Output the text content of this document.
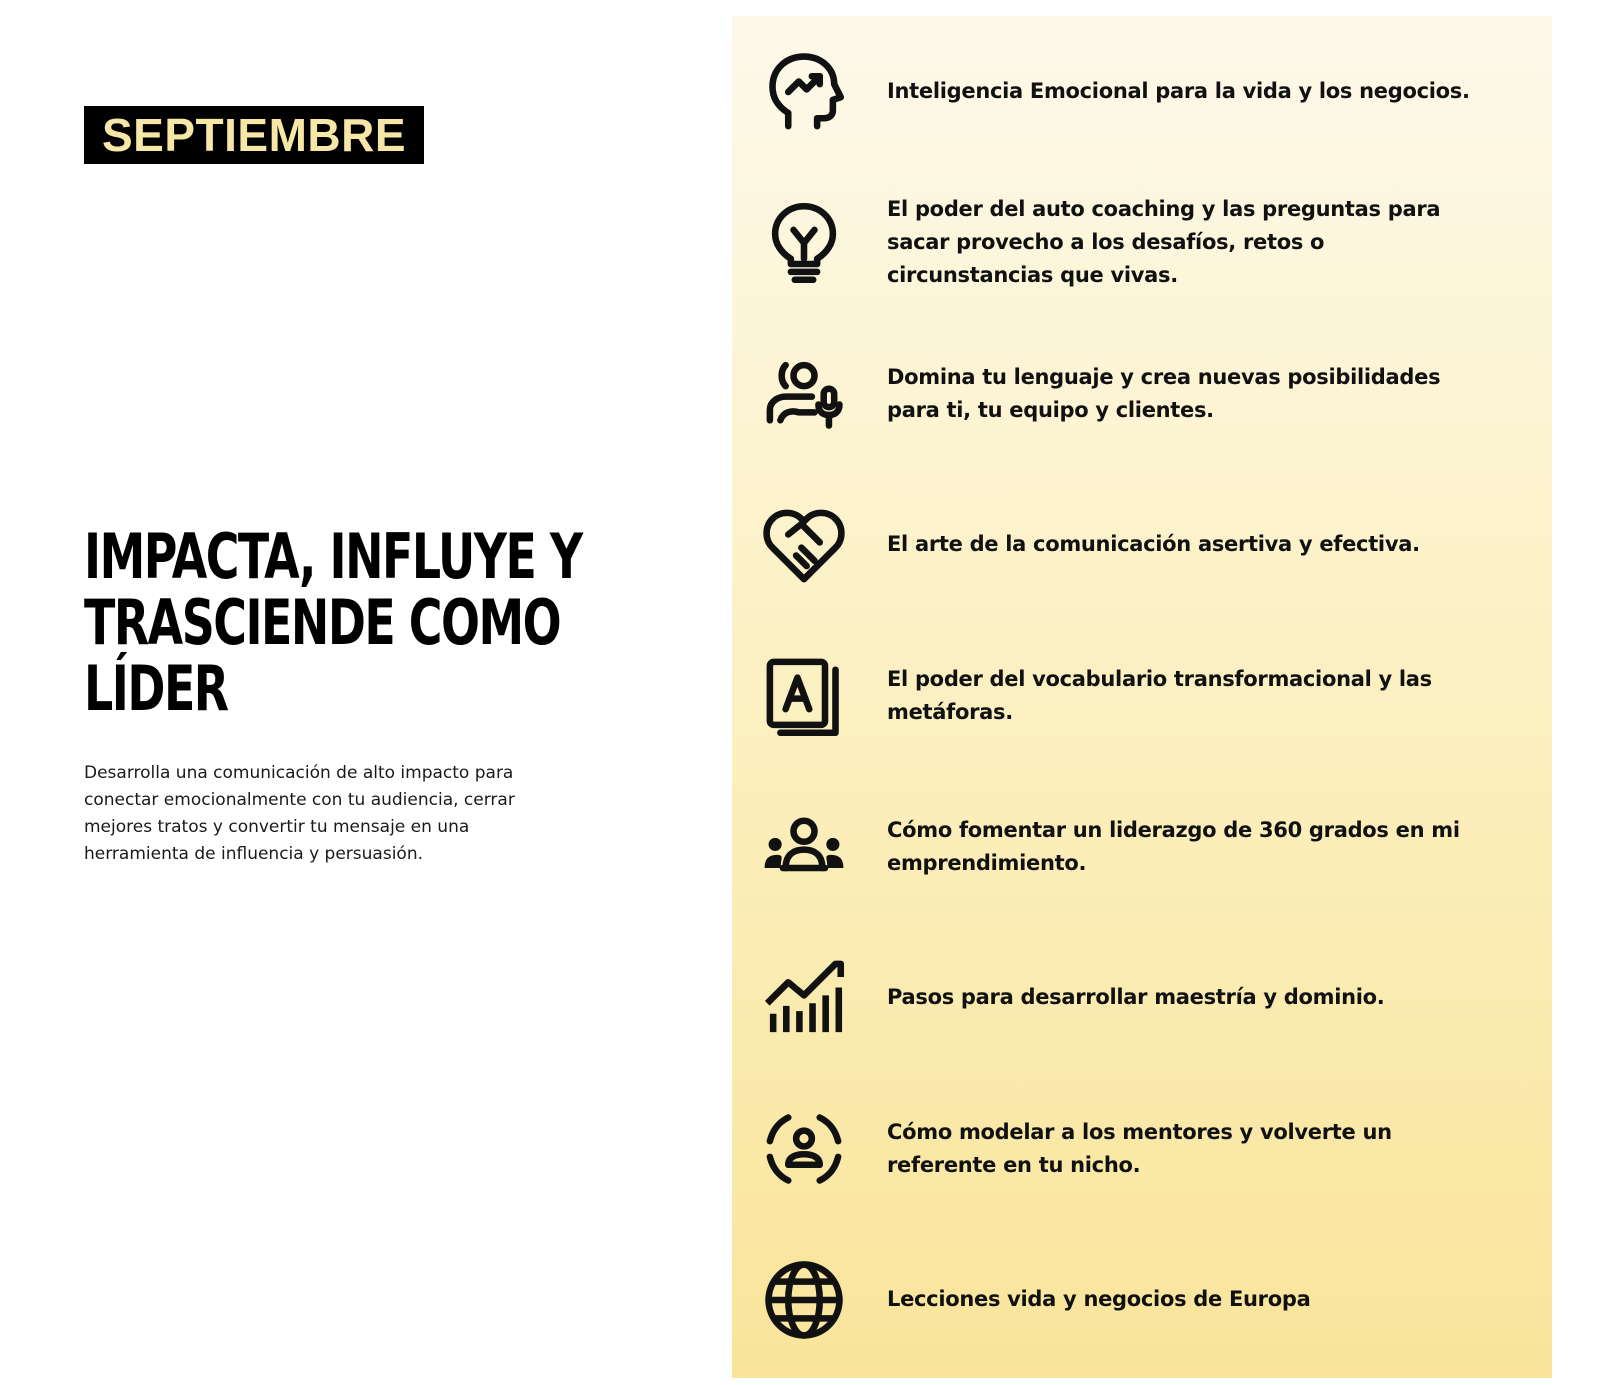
SEPTIEMBRE
IMPACTA, INFLUYE Y TRASCIENDE COMO LÍDER

Desarrolla una comunicación de alto impacto para conectar emocionalmente con tu audiencia, cerrar mejores tratos y convertir tu mensaje en una herramienta de influencia y persuasión.

Inteligencia Emocional para la vida y los negocios.
El poder del auto coaching y las preguntas para sacar provecho a los desafíos, retos o circunstancias que vivas.
Domina tu lenguaje y crea nuevas posibilidades para ti, tu equipo y clientes.
El arte de la comunicación asertiva y efectiva.
El poder del vocabulario transformacional y las metáforas.
Cómo fomentar un liderazgo de 360 grados en mi emprendimiento.
Pasos para desarrollar maestría y dominio.
Cómo modelar a los mentores y volverte un referente en tu nicho.
Lecciones vida y negocios de Europa
